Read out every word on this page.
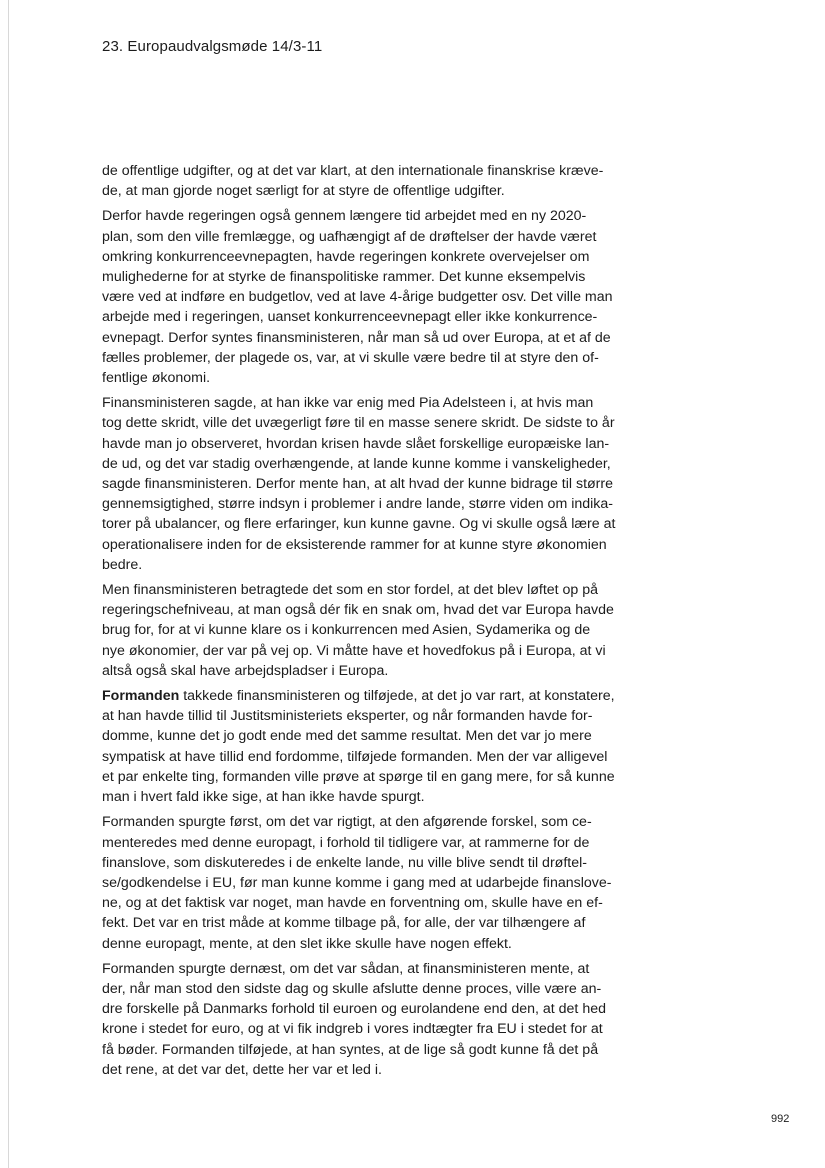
23. Europaudvalgsmøde 14/3-11
de offentlige udgifter, og at det var klart, at den internationale finanskrise kræve-
de, at man gjorde noget særligt for at styre de offentlige udgifter.
Derfor havde regeringen også gennem længere tid arbejdet med en ny 2020-
plan, som den ville fremlægge, og uafhængigt af de drøftelser der havde været
omkring konkurrenceevnepagten, havde regeringen konkrete overvejelser om
mulighederne for at styrke de finanspolitiske rammer. Det kunne eksempelvis
være ved at indføre en budgetlov, ved at lave 4-årige budgetter osv. Det ville man
arbejde med i regeringen, uanset konkurrenceevnepagt eller ikke konkurrence-
evnepagt. Derfor syntes finansministeren, når man så ud over Europa, at et af de
fælles problemer, der plagede os, var, at vi skulle være bedre til at styre den of-
fentlige økonomi.
Finansministeren sagde, at han ikke var enig med Pia Adelsteen i, at hvis man
tog dette skridt, ville det uvægerligt føre til en masse senere skridt. De sidste to år
havde man jo observeret, hvordan krisen havde slået forskellige europæiske lan-
de ud, og det var stadig overhængende, at lande kunne komme i vanskeligheder,
sagde finansministeren. Derfor mente han, at alt hvad der kunne bidrage til større
gennemsigtighed, større indsyn i problemer i andre lande, større viden om indika-
torer på ubalancer, og flere erfaringer, kun kunne gavne. Og vi skulle også lære at
operationalisere inden for de eksisterende rammer for at kunne styre økonomien
bedre.
Men finansministeren betragtede det som en stor fordel, at det blev løftet op på
regeringschefniveau, at man også dér fik en snak om, hvad det var Europa havde
brug for, for at vi kunne klare os i konkurrencen med Asien, Sydamerika og de
nye økonomier, der var på vej op. Vi måtte have et hovedfokus på i Europa, at vi
altså også skal have arbejdspladser i Europa.
Formanden takkede finansministeren og tilføjede, at det jo var rart, at konstatere,
at han havde tillid til Justitsministeriets eksperter, og når formanden havde for-
domme, kunne det jo godt ende med det samme resultat. Men det var jo mere
sympatisk at have tillid end fordomme, tilføjede formanden. Men der var alligevel
et par enkelte ting, formanden ville prøve at spørge til en gang mere, for så kunne
man i hvert fald ikke sige, at han ikke havde spurgt.
Formanden spurgte først, om det var rigtigt, at den afgørende forskel, som ce-
menteredes med denne europagt, i forhold til tidligere var, at rammerne for de
finanslove, som diskuteredes i de enkelte lande, nu ville blive sendt til drøftel-
se/godkendelse i EU, før man kunne komme i gang med at udarbejde finanslove-
ne, og at det faktisk var noget, man havde en forventning om, skulle have en ef-
fekt. Det var en trist måde at komme tilbage på, for alle, der var tilhængere af
denne europagt, mente, at den slet ikke skulle have nogen effekt.
Formanden spurgte dernæst, om det var sådan, at finansministeren mente, at
der, når man stod den sidste dag og skulle afslutte denne proces, ville være an-
dre forskelle på Danmarks forhold til euroen og eurolandene end den, at det hed
krone i stedet for euro, og at vi fik indgreb i vores indtægter fra EU i stedet for at
få bøder. Formanden tilføjede, at han syntes, at de lige så godt kunne få det på
det rene, at det var det, dette her var et led i.
992
